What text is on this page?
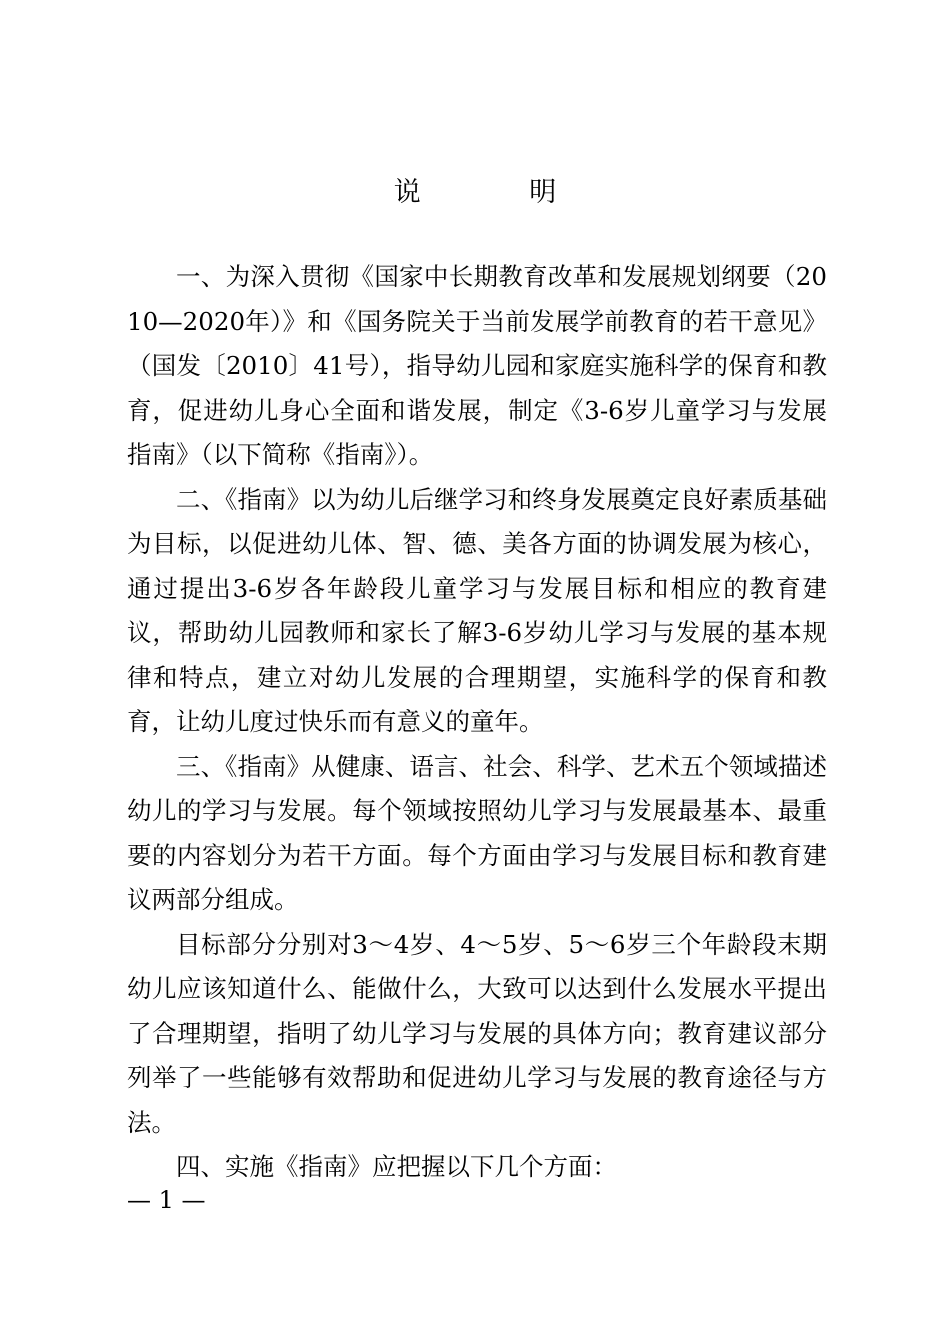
说 明

一、为深入贯彻《国家中长期教育改革和发展规划纲要（2010—2020年）》和《国务院关于当前发展学前教育的若干意见》（国发〔2010〕41号），指导幼儿园和家庭实施科学的保育和教育，促进幼儿身心全面和谐发展，制定《3-6岁儿童学习与发展指南》（以下简称《指南》）。

二、《指南》以为幼儿后继学习和终身发展奠定良好素质基础为目标，以促进幼儿体、智、德、美各方面的协调发展为核心，通过提出3-6岁各年龄段儿童学习与发展目标和相应的教育建议，帮助幼儿园教师和家长了解3-6岁幼儿学习与发展的基本规律和特点，建立对幼儿发展的合理期望，实施科学的保育和教育，让幼儿度过快乐而有意义的童年。

三、《指南》从健康、语言、社会、科学、艺术五个领域描述幼儿的学习与发展。每个领域按照幼儿学习与发展最基本、最重要的内容划分为若干方面。每个方面由学习与发展目标和教育建议两部分组成。

目标部分分别对3～4岁、4～5岁、5～6岁三个年龄段末期幼儿应该知道什么、能做什么，大致可以达到什么发展水平提出了合理期望，指明了幼儿学习与发展的具体方向；教育建议部分列举了一些能够有效帮助和促进幼儿学习与发展的教育途径与方法。

四、实施《指南》应把握以下几个方面：

— 1 —
